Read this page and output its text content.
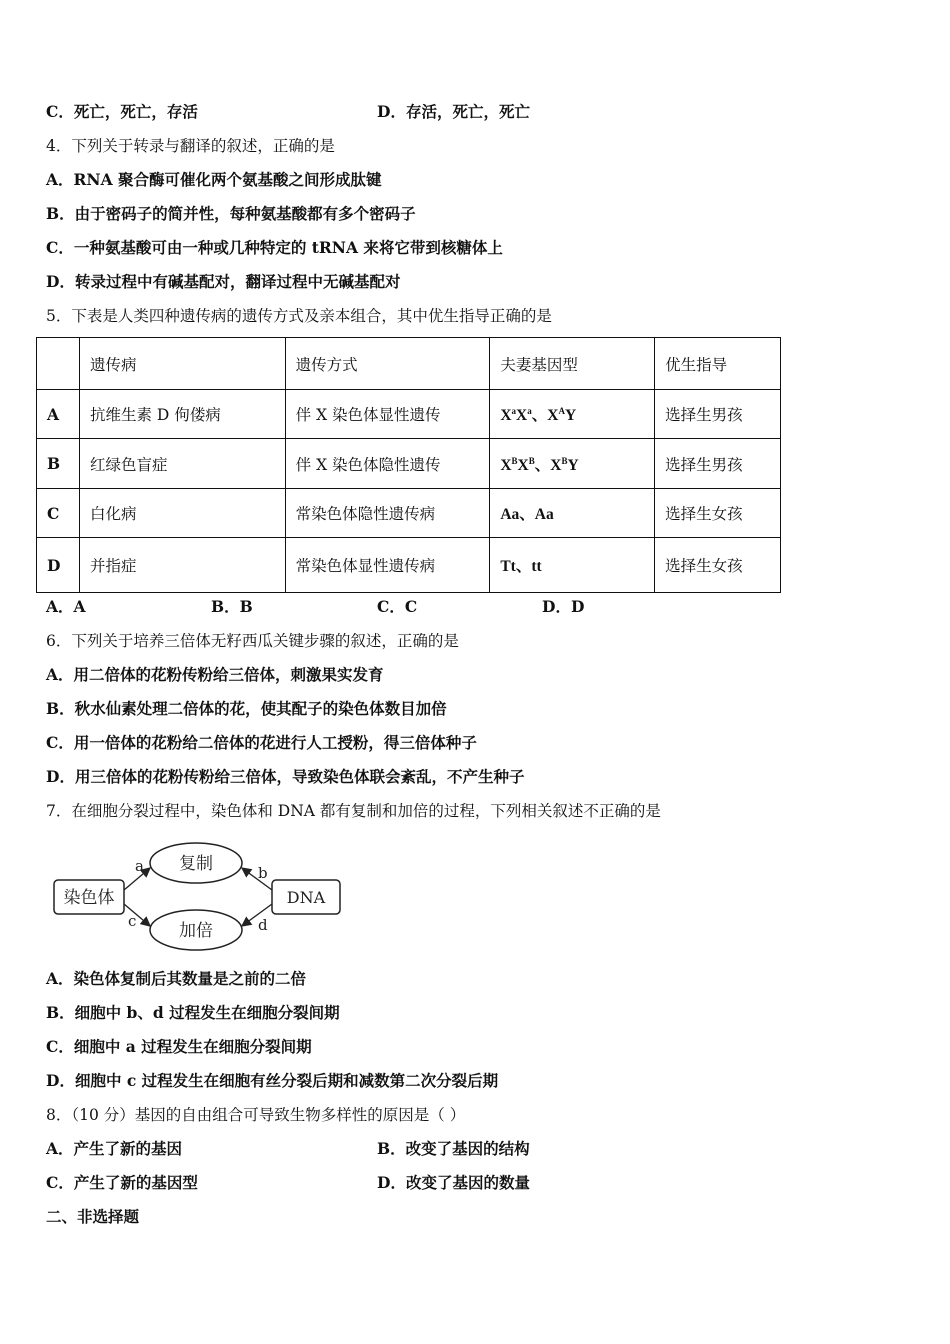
C．死亡，死亡，存活	D．存活，死亡，死亡
4．下列关于转录与翻译的叙述，正确的是
A．RNA 聚合酶可催化两个氨基酸之间形成肽键
B．由于密码子的简并性，每种氨基酸都有多个密码子
C．一种氨基酸可由一种或几种特定的 tRNA 来将它带到核糖体上
D．转录过程中有碱基配对，翻译过程中无碱基配对
5．下表是人类四种遗传病的遗传方式及亲本组合，其中优生指导正确的是
	遗传病	遗传方式	夫妻基因型	优生指导
A	抗维生素 D 佝偻病	伴 X 染色体显性遗传	$X^aX^a$、$X^AY$	选择生男孩
B	红绿色盲症	伴 X 染色体隐性遗传	$X^BX^B$、$X^BY$	选择生男孩
C	白化病	常染色体隐性遗传病	Aa、Aa	选择生女孩
D	并指症	常染色体显性遗传病	Tt、tt	选择生女孩
A．A	B．B	C．C	D．D
6．下列关于培养三倍体无籽西瓜关键步骤的叙述，正确的是
A．用二倍体的花粉传粉给三倍体，刺激果实发育
B．秋水仙素处理二倍体的花，使其配子的染色体数目加倍
C．用一倍体的花粉给二倍体的花进行人工授粉，得三倍体种子
D．用三倍体的花粉传粉给三倍体，导致染色体联会紊乱，不产生种子
7．在细胞分裂过程中，染色体和 DNA 都有复制和加倍的过程，下列相关叙述不正确的是
染色体	DNA
复制
加倍
a	b
c	d
A．染色体复制后其数量是之前的二倍
B．细胞中 b、d 过程发生在细胞分裂间期
C．细胞中 a 过程发生在细胞分裂间期
D．细胞中 c 过程发生在细胞有丝分裂后期和减数第二次分裂后期
8．（10 分）基因的自由组合可导致生物多样性的原因是（ ）
A．产生了新的基因	B．改变了基因的结构
C．产生了新的基因型	D．改变了基因的数量
二、非选择题
